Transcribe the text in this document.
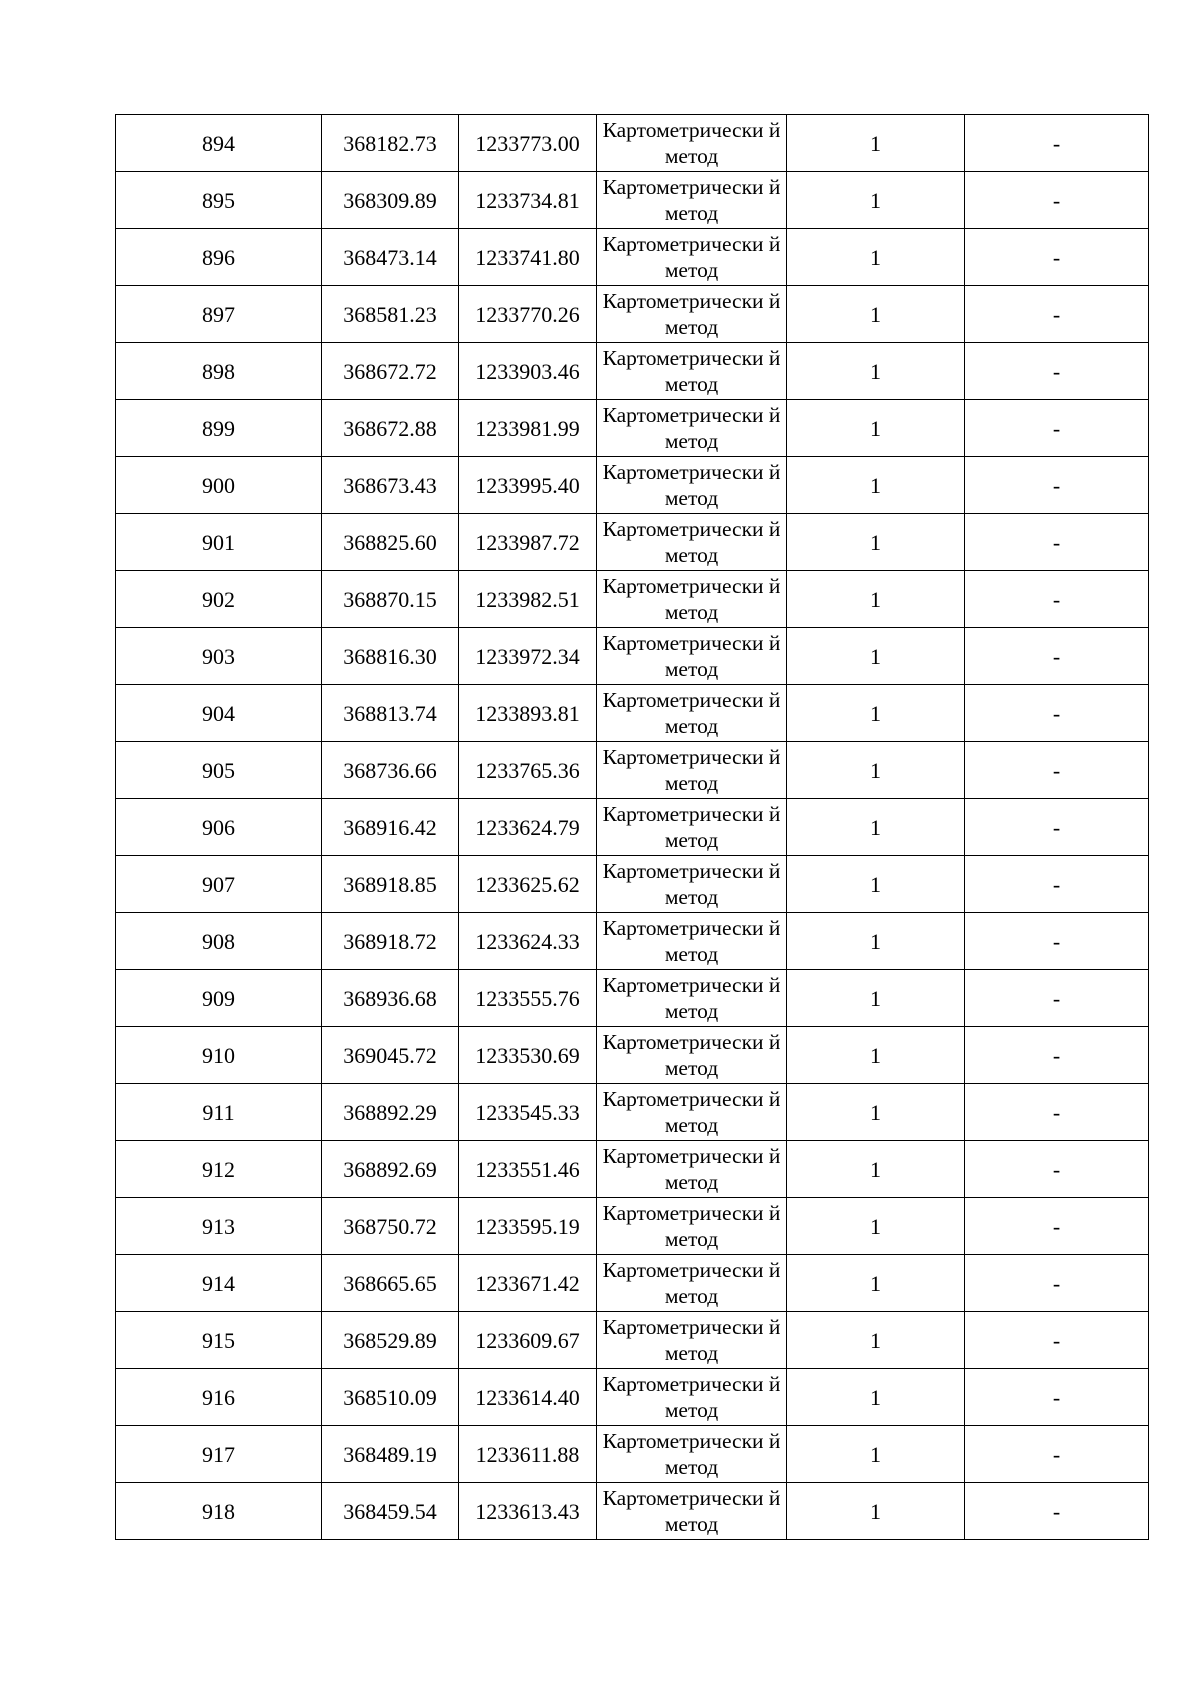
894	368182.73	1233773.00	Картометрически й метод	1	-
895	368309.89	1233734.81	Картометрически й метод	1	-
896	368473.14	1233741.80	Картометрически й метод	1	-
897	368581.23	1233770.26	Картометрически й метод	1	-
898	368672.72	1233903.46	Картометрически й метод	1	-
899	368672.88	1233981.99	Картометрически й метод	1	-
900	368673.43	1233995.40	Картометрически й метод	1	-
901	368825.60	1233987.72	Картометрически й метод	1	-
902	368870.15	1233982.51	Картометрически й метод	1	-
903	368816.30	1233972.34	Картометрически й метод	1	-
904	368813.74	1233893.81	Картометрически й метод	1	-
905	368736.66	1233765.36	Картометрически й метод	1	-
906	368916.42	1233624.79	Картометрически й метод	1	-
907	368918.85	1233625.62	Картометрически й метод	1	-
908	368918.72	1233624.33	Картометрически й метод	1	-
909	368936.68	1233555.76	Картометрически й метод	1	-
910	369045.72	1233530.69	Картометрически й метод	1	-
911	368892.29	1233545.33	Картометрически й метод	1	-
912	368892.69	1233551.46	Картометрически й метод	1	-
913	368750.72	1233595.19	Картометрически й метод	1	-
914	368665.65	1233671.42	Картометрически й метод	1	-
915	368529.89	1233609.67	Картометрически й метод	1	-
916	368510.09	1233614.40	Картометрически й метод	1	-
917	368489.19	1233611.88	Картометрически й метод	1	-
918	368459.54	1233613.43	Картометрически й метод	1	-
